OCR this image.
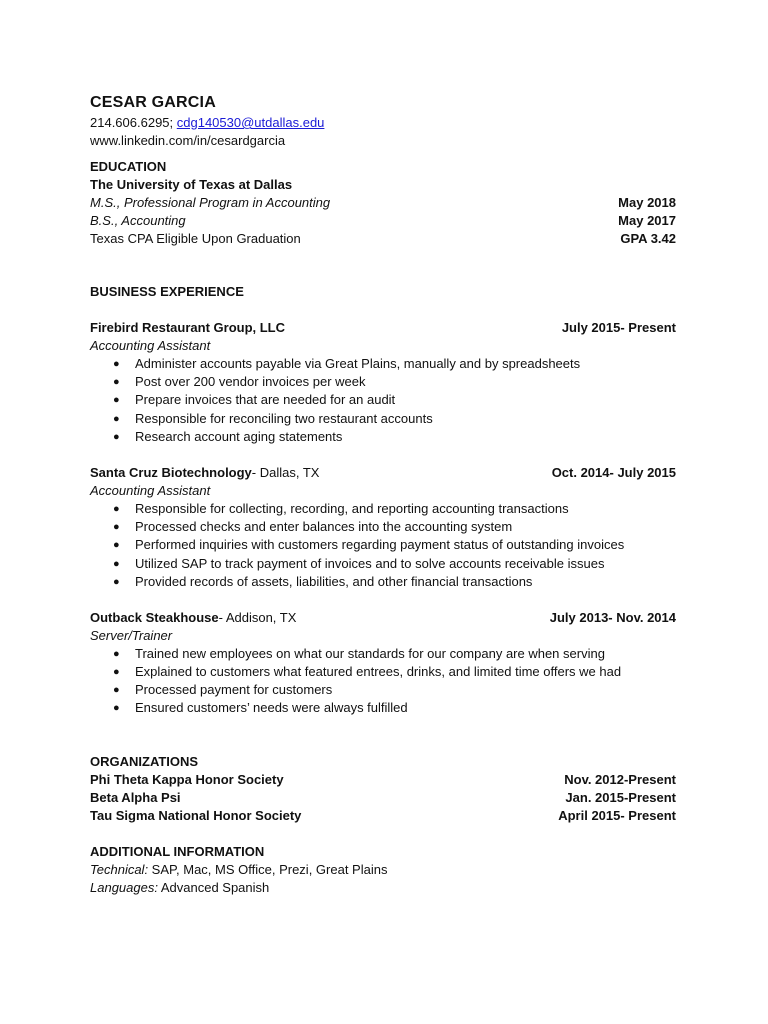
CESAR GARCIA
214.606.6295; cdg140530@utdallas.edu
www.linkedin.com/in/cesardgarcia
EDUCATION
The University of Texas at Dallas
M.S., Professional Program in Accounting	May 2018
B.S., Accounting	May 2017
Texas CPA Eligible Upon Graduation	GPA 3.42
BUSINESS EXPERIENCE
Firebird Restaurant Group, LLC	July 2015- Present
Accounting Assistant
● Administer accounts payable via Great Plains, manually and by spreadsheets
● Post over 200 vendor invoices per week
● Prepare invoices that are needed for an audit
● Responsible for reconciling two restaurant accounts
● Research account aging statements
Santa Cruz Biotechnology- Dallas, TX	Oct. 2014- July 2015
Accounting Assistant
● Responsible for collecting, recording, and reporting accounting transactions
● Processed checks and enter balances into the accounting system
● Performed inquiries with customers regarding payment status of outstanding invoices
● Utilized SAP to track payment of invoices and to solve accounts receivable issues
● Provided records of assets, liabilities, and other financial transactions
Outback Steakhouse- Addison, TX	July 2013- Nov. 2014
Server/Trainer
● Trained new employees on what our standards for our company are when serving
● Explained to customers what featured entrees, drinks, and limited time offers we had
● Processed payment for customers
● Ensured customers’ needs were always fulfilled
ORGANIZATIONS
Phi Theta Kappa Honor Society	Nov. 2012-Present
Beta Alpha Psi	Jan. 2015-Present
Tau Sigma National Honor Society	April 2015- Present
ADDITIONAL INFORMATION
Technical: SAP, Mac, MS Office, Prezi, Great Plains
Languages: Advanced Spanish
